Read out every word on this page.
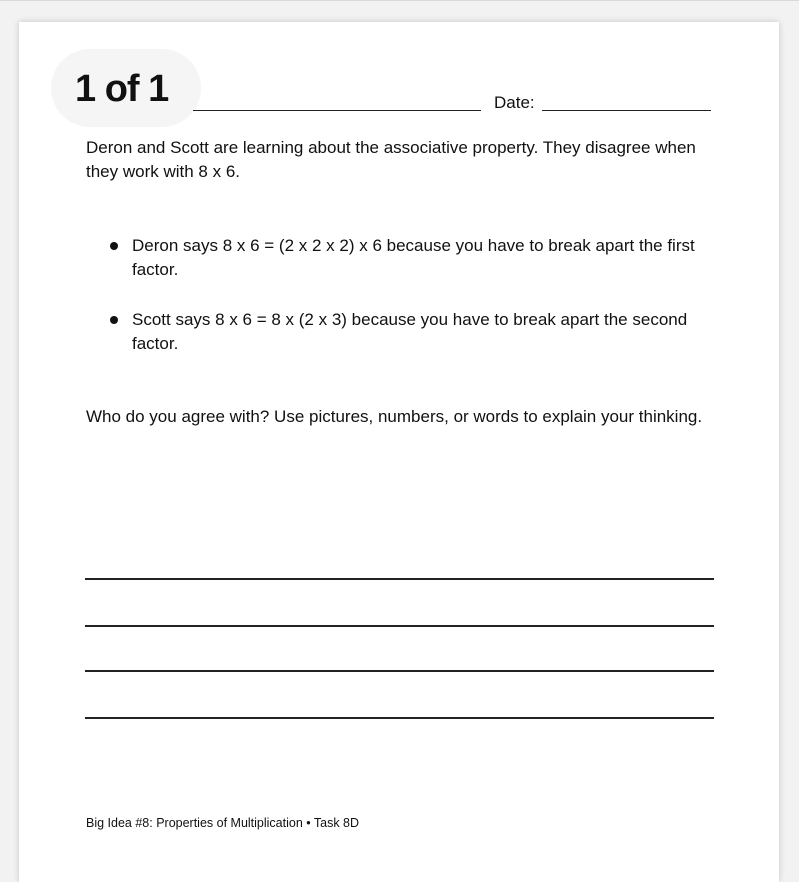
1 of 1	Date:
Deron and Scott are learning about the associative property. They disagree when they work with 8 x 6.
Deron says 8 x 6 = (2 x 2 x 2) x 6 because you have to break apart the first factor.
Scott says 8 x 6 = 8 x (2 x 3) because you have to break apart the second factor.
Who do you agree with? Use pictures, numbers, or words to explain your thinking.
Big Idea #8: Properties of Multiplication • Task 8D
